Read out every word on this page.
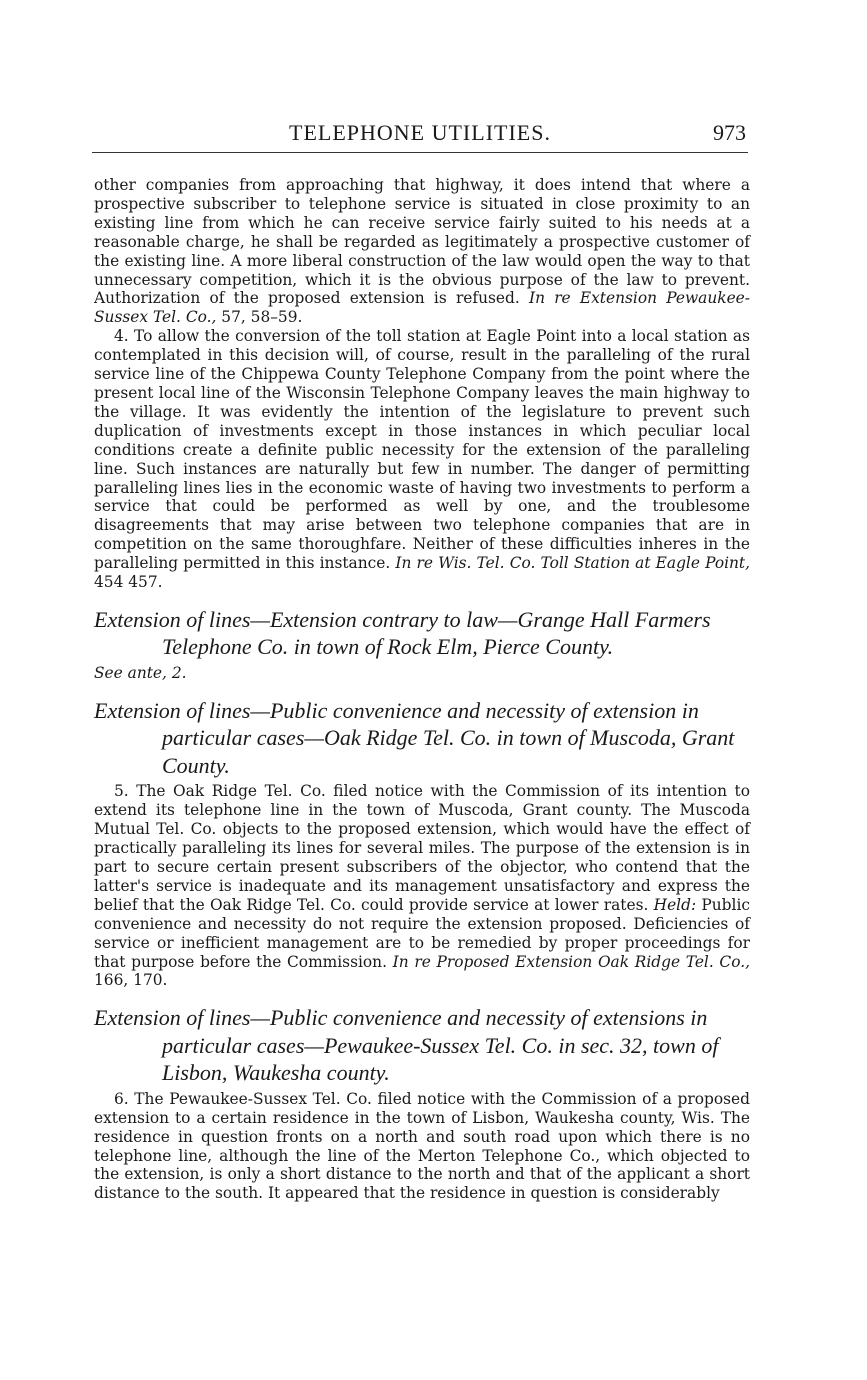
TELEPHONE UTILITIES.	973

other companies from approaching that highway, it does intend that where a prospective subscriber to telephone service is situated in close proximity to an existing line from which he can receive service fairly suited to his needs at a reasonable charge, he shall be regarded as legitimately a prospective customer of the existing line. A more liberal construction of the law would open the way to that unnecessary competition, which it is the obvious purpose of the law to prevent. Authorization of the proposed extension is refused. In re Extension Pewaukee-Sussex Tel. Co., 57, 58–59.

4. To allow the conversion of the toll station at Eagle Point into a local station as contemplated in this decision will, of course, result in the paralleling of the rural service line of the Chippewa County Telephone Company from the point where the present local line of the Wisconsin Telephone Company leaves the main highway to the village. It was evidently the intention of the legislature to prevent such duplication of investments except in those instances in which peculiar local conditions create a definite public necessity for the extension of the paralleling line. Such instances are naturally but few in number. The danger of permitting paralleling lines lies in the economic waste of having two investments to perform a service that could be performed as well by one, and the troublesome disagreements that may arise between two telephone companies that are in competition on the same thoroughfare. Neither of these difficulties inheres in the paralleling permitted in this instance. In re Wis. Tel. Co. Toll Station at Eagle Point, 454 457.

Extension of lines—Extension contrary to law—Grange Hall Farmers Telephone Co. in town of Rock Elm, Pierce County.

See ante, 2.

Extension of lines—Public convenience and necessity of extension in particular cases—Oak Ridge Tel. Co. in town of Muscoda, Grant County.

5. The Oak Ridge Tel. Co. filed notice with the Commission of its intention to extend its telephone line in the town of Muscoda, Grant county. The Muscoda Mutual Tel. Co. objects to the proposed extension, which would have the effect of practically paralleling its lines for several miles. The purpose of the extension is in part to secure certain present subscribers of the objector, who contend that the latter's service is inadequate and its management unsatisfactory and express the belief that the Oak Ridge Tel. Co. could provide service at lower rates. Held: Public convenience and necessity do not require the extension proposed. Deficiencies of service or inefficient management are to be remedied by proper proceedings for that purpose before the Commission. In re Proposed Extension Oak Ridge Tel. Co., 166, 170.

Extension of lines—Public convenience and necessity of extensions in particular cases—Pewaukee-Sussex Tel. Co. in sec. 32, town of Lisbon, Waukesha county.

6. The Pewaukee-Sussex Tel. Co. filed notice with the Commission of a proposed extension to a certain residence in the town of Lisbon, Waukesha county, Wis. The residence in question fronts on a north and south road upon which there is no telephone line, although the line of the Merton Telephone Co., which objected to the extension, is only a short distance to the north and that of the applicant a short distance to the south. It appeared that the residence in question is considerably
